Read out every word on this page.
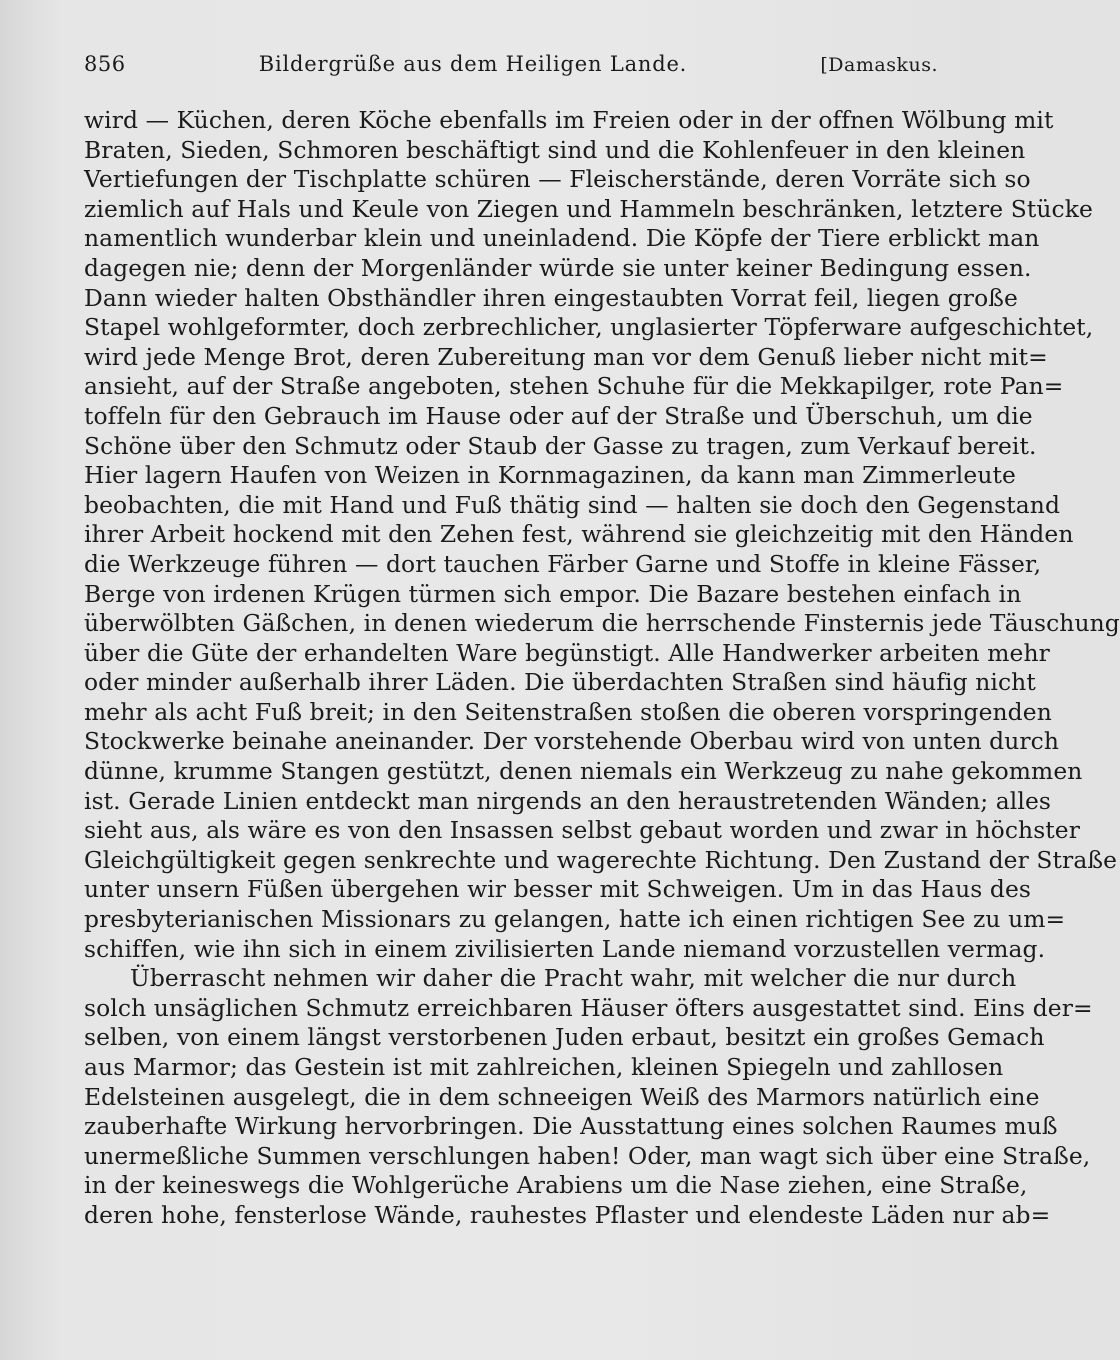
856	Bildergrüße aus dem Heiligen Lande.	[Damaskus.
wird — Küchen, deren Köche ebenfalls im Freien oder in der offnen Wölbung mit
Braten, Sieden, Schmoren beschäftigt sind und die Kohlenfeuer in den kleinen
Vertiefungen der Tischplatte schüren — Fleischerstände, deren Vorräte sich so
ziemlich auf Hals und Keule von Ziegen und Hammeln beschränken, letztere Stücke
namentlich wunderbar klein und uneinladend. Die Köpfe der Tiere erblickt man
dagegen nie; denn der Morgenländer würde sie unter keiner Bedingung essen.
Dann wieder halten Obsthändler ihren eingestaubten Vorrat feil, liegen große
Stapel wohlgeformter, doch zerbrechlicher, unglasierter Töpferware aufgeschichtet,
wird jede Menge Brot, deren Zubereitung man vor dem Genuß lieber nicht mit=
ansieht, auf der Straße angeboten, stehen Schuhe für die Mekkapilger, rote Pan=
toffeln für den Gebrauch im Hause oder auf der Straße und Überschuh, um die
Schöne über den Schmutz oder Staub der Gasse zu tragen, zum Verkauf bereit.
Hier lagern Haufen von Weizen in Kornmagazinen, da kann man Zimmerleute
beobachten, die mit Hand und Fuß thätig sind — halten sie doch den Gegenstand
ihrer Arbeit hockend mit den Zehen fest, während sie gleichzeitig mit den Händen
die Werkzeuge führen — dort tauchen Färber Garne und Stoffe in kleine Fässer,
Berge von irdenen Krügen türmen sich empor. Die Bazare bestehen einfach in
überwölbten Gäßchen, in denen wiederum die herrschende Finsternis jede Täuschung
über die Güte der erhandelten Ware begünstigt. Alle Handwerker arbeiten mehr
oder minder außerhalb ihrer Läden. Die überdachten Straßen sind häufig nicht
mehr als acht Fuß breit; in den Seitenstraßen stoßen die oberen vorspringenden
Stockwerke beinahe aneinander. Der vorstehende Oberbau wird von unten durch
dünne, krumme Stangen gestützt, denen niemals ein Werkzeug zu nahe gekommen
ist. Gerade Linien entdeckt man nirgends an den heraustretenden Wänden; alles
sieht aus, als wäre es von den Insassen selbst gebaut worden und zwar in höchster
Gleichgültigkeit gegen senkrechte und wagerechte Richtung. Den Zustand der Straße
unter unsern Füßen übergehen wir besser mit Schweigen. Um in das Haus des
presbyterianischen Missionars zu gelangen, hatte ich einen richtigen See zu um=
schiffen, wie ihn sich in einem zivilisierten Lande niemand vorzustellen vermag.
Überrascht nehmen wir daher die Pracht wahr, mit welcher die nur durch
solch unsäglichen Schmutz erreichbaren Häuser öfters ausgestattet sind. Eins der=
selben, von einem längst verstorbenen Juden erbaut, besitzt ein großes Gemach
aus Marmor; das Gestein ist mit zahlreichen, kleinen Spiegeln und zahllosen
Edelsteinen ausgelegt, die in dem schneeigen Weiß des Marmors natürlich eine
zauberhafte Wirkung hervorbringen. Die Ausstattung eines solchen Raumes muß
unermeßliche Summen verschlungen haben! Oder, man wagt sich über eine Straße,
in der keineswegs die Wohlgerüche Arabiens um die Nase ziehen, eine Straße,
deren hohe, fensterlose Wände, rauhestes Pflaster und elendeste Läden nur ab=
